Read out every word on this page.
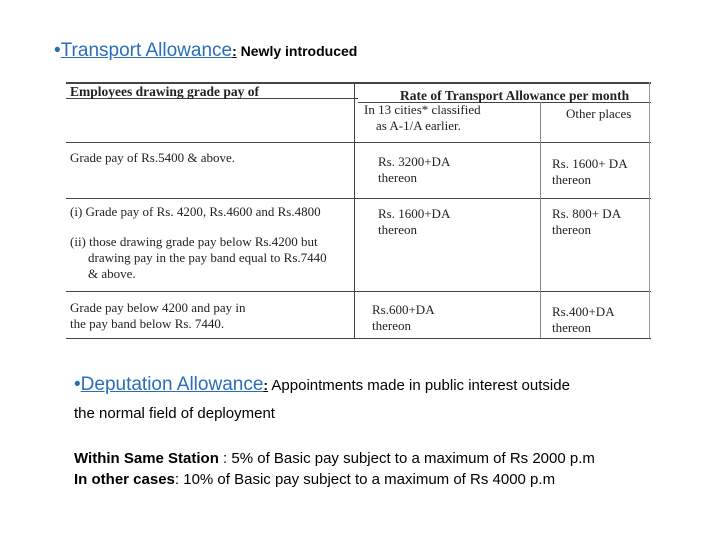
•Transport Allowance: Newly introduced
Employees drawing grade pay of	Rate of Transport Allowance per month
In 13 cities* classified
as A-1/A earlier.
Other places
Grade pay of Rs.5400 & above.	Rs. 3200+DA
thereon
Rs. 1600+ DA
thereon
(i) Grade pay of Rs. 4200, Rs.4600 and Rs.4800
(ii) those drawing grade pay below Rs.4200 but
drawing pay in the pay band equal to Rs.7440
& above.
Rs. 1600+DA
thereon
Rs. 800+ DA
thereon
Grade pay below 4200 and pay in
the pay band below Rs. 7440.
Rs.600+DA
thereon
Rs.400+DA
thereon
•Deputation Allowance: Appointments made in public interest outside
the normal field of deployment
Within Same Station : 5% of Basic pay subject to a maximum of Rs 2000 p.m
In other cases: 10% of Basic pay subject to a maximum of Rs 4000 p.m
